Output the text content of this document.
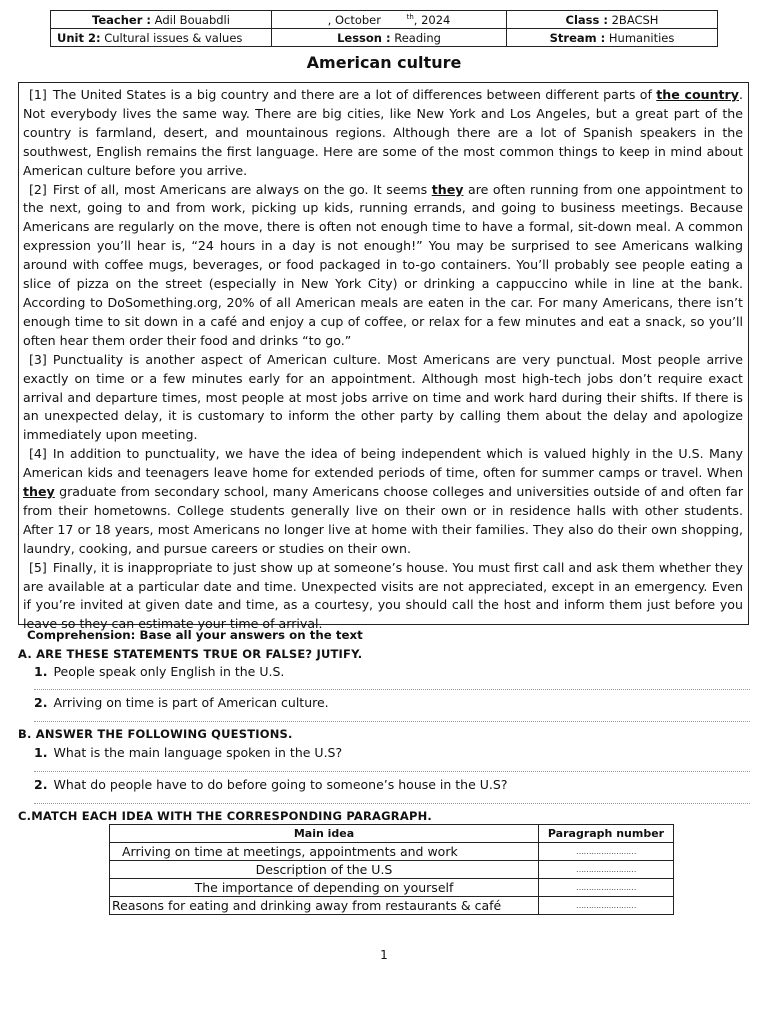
Teacher : Adil Bouabdli	, October $^{th}$, 2024	Class : 2BACSH
Unit 2: Cultural issues & values	Lesson : Reading	Stream : Humanities
American culture

[1] The United States is a big country and there are a lot of differences between different parts of the country. Not everybody lives the same way. There are big cities, like New York and Los Angeles, but a great part of the country is farmland, desert, and mountainous regions. Although there are a lot of Spanish speakers in the southwest, English remains the first language. Here are some of the most common things to keep in mind about American culture before you arrive.

[2] First of all, most Americans are always on the go. It seems they are often running from one appointment to the next, going to and from work, picking up kids, running errands, and going to business meetings. Because Americans are regularly on the move, there is often not enough time to have a formal, sit-down meal. A common expression you’ll hear is, “24 hours in a day is not enough!” You may be surprised to see Americans walking around with coffee mugs, beverages, or food packaged in to-go containers. You’ll probably see people eating a slice of pizza on the street (especially in New York City) or drinking a cappuccino while in line at the bank. According to DoSomething.org, 20% of all American meals are eaten in the car. For many Americans, there isn’t enough time to sit down in a café and enjoy a cup of coffee, or relax for a few minutes and eat a snack, so you’ll often hear them order their food and drinks “to go.”

[3] Punctuality is another aspect of American culture. Most Americans are very punctual. Most people arrive exactly on time or a few minutes early for an appointment. Although most high-tech jobs don’t require exact arrival and departure times, most people at most jobs arrive on time and work hard during their shifts. If there is an unexpected delay, it is customary to inform the other party by calling them about the delay and apologize immediately upon meeting.

[4] In addition to punctuality, we have the idea of being independent which is valued highly in the U.S. Many American kids and teenagers leave home for extended periods of time, often for summer camps or travel. When they graduate from secondary school, many Americans choose colleges and universities outside of and often far from their hometowns. College students generally live on their own or in residence halls with other students. After 17 or 18 years, most Americans no longer live at home with their families. They also do their own shopping, laundry, cooking, and pursue careers or studies on their own.

[5] Finally, it is inappropriate to just show up at someone’s house. You must first call and ask them whether they are available at a particular date and time. Unexpected visits are not appreciated, except in an emergency. Even if you’re invited at given date and time, as a courtesy, you should call the host and inform them just before you leave so they can estimate your time of arrival.

Comprehension: Base all your answers on the text
A. ARE THESE STATEMENTS TRUE OR FALSE? JUTIFY.
1. People speak only English in the U.S.
2. Arriving on time is part of American culture.
B. ANSWER THE FOLLOWING QUESTIONS.
1. What is the main language spoken in the U.S?
2. What do people have to do before going to someone’s house in the U.S?
C.MATCH EACH IDEA WITH THE CORRESPONDING PARAGRAPH.
Main idea	Paragraph number
Arriving on time at meetings, appointments and work	……………………
Description of the U.S	……………………
The importance of depending on yourself	……………………
Reasons for eating and drinking away from restaurants & café	……………………
1
